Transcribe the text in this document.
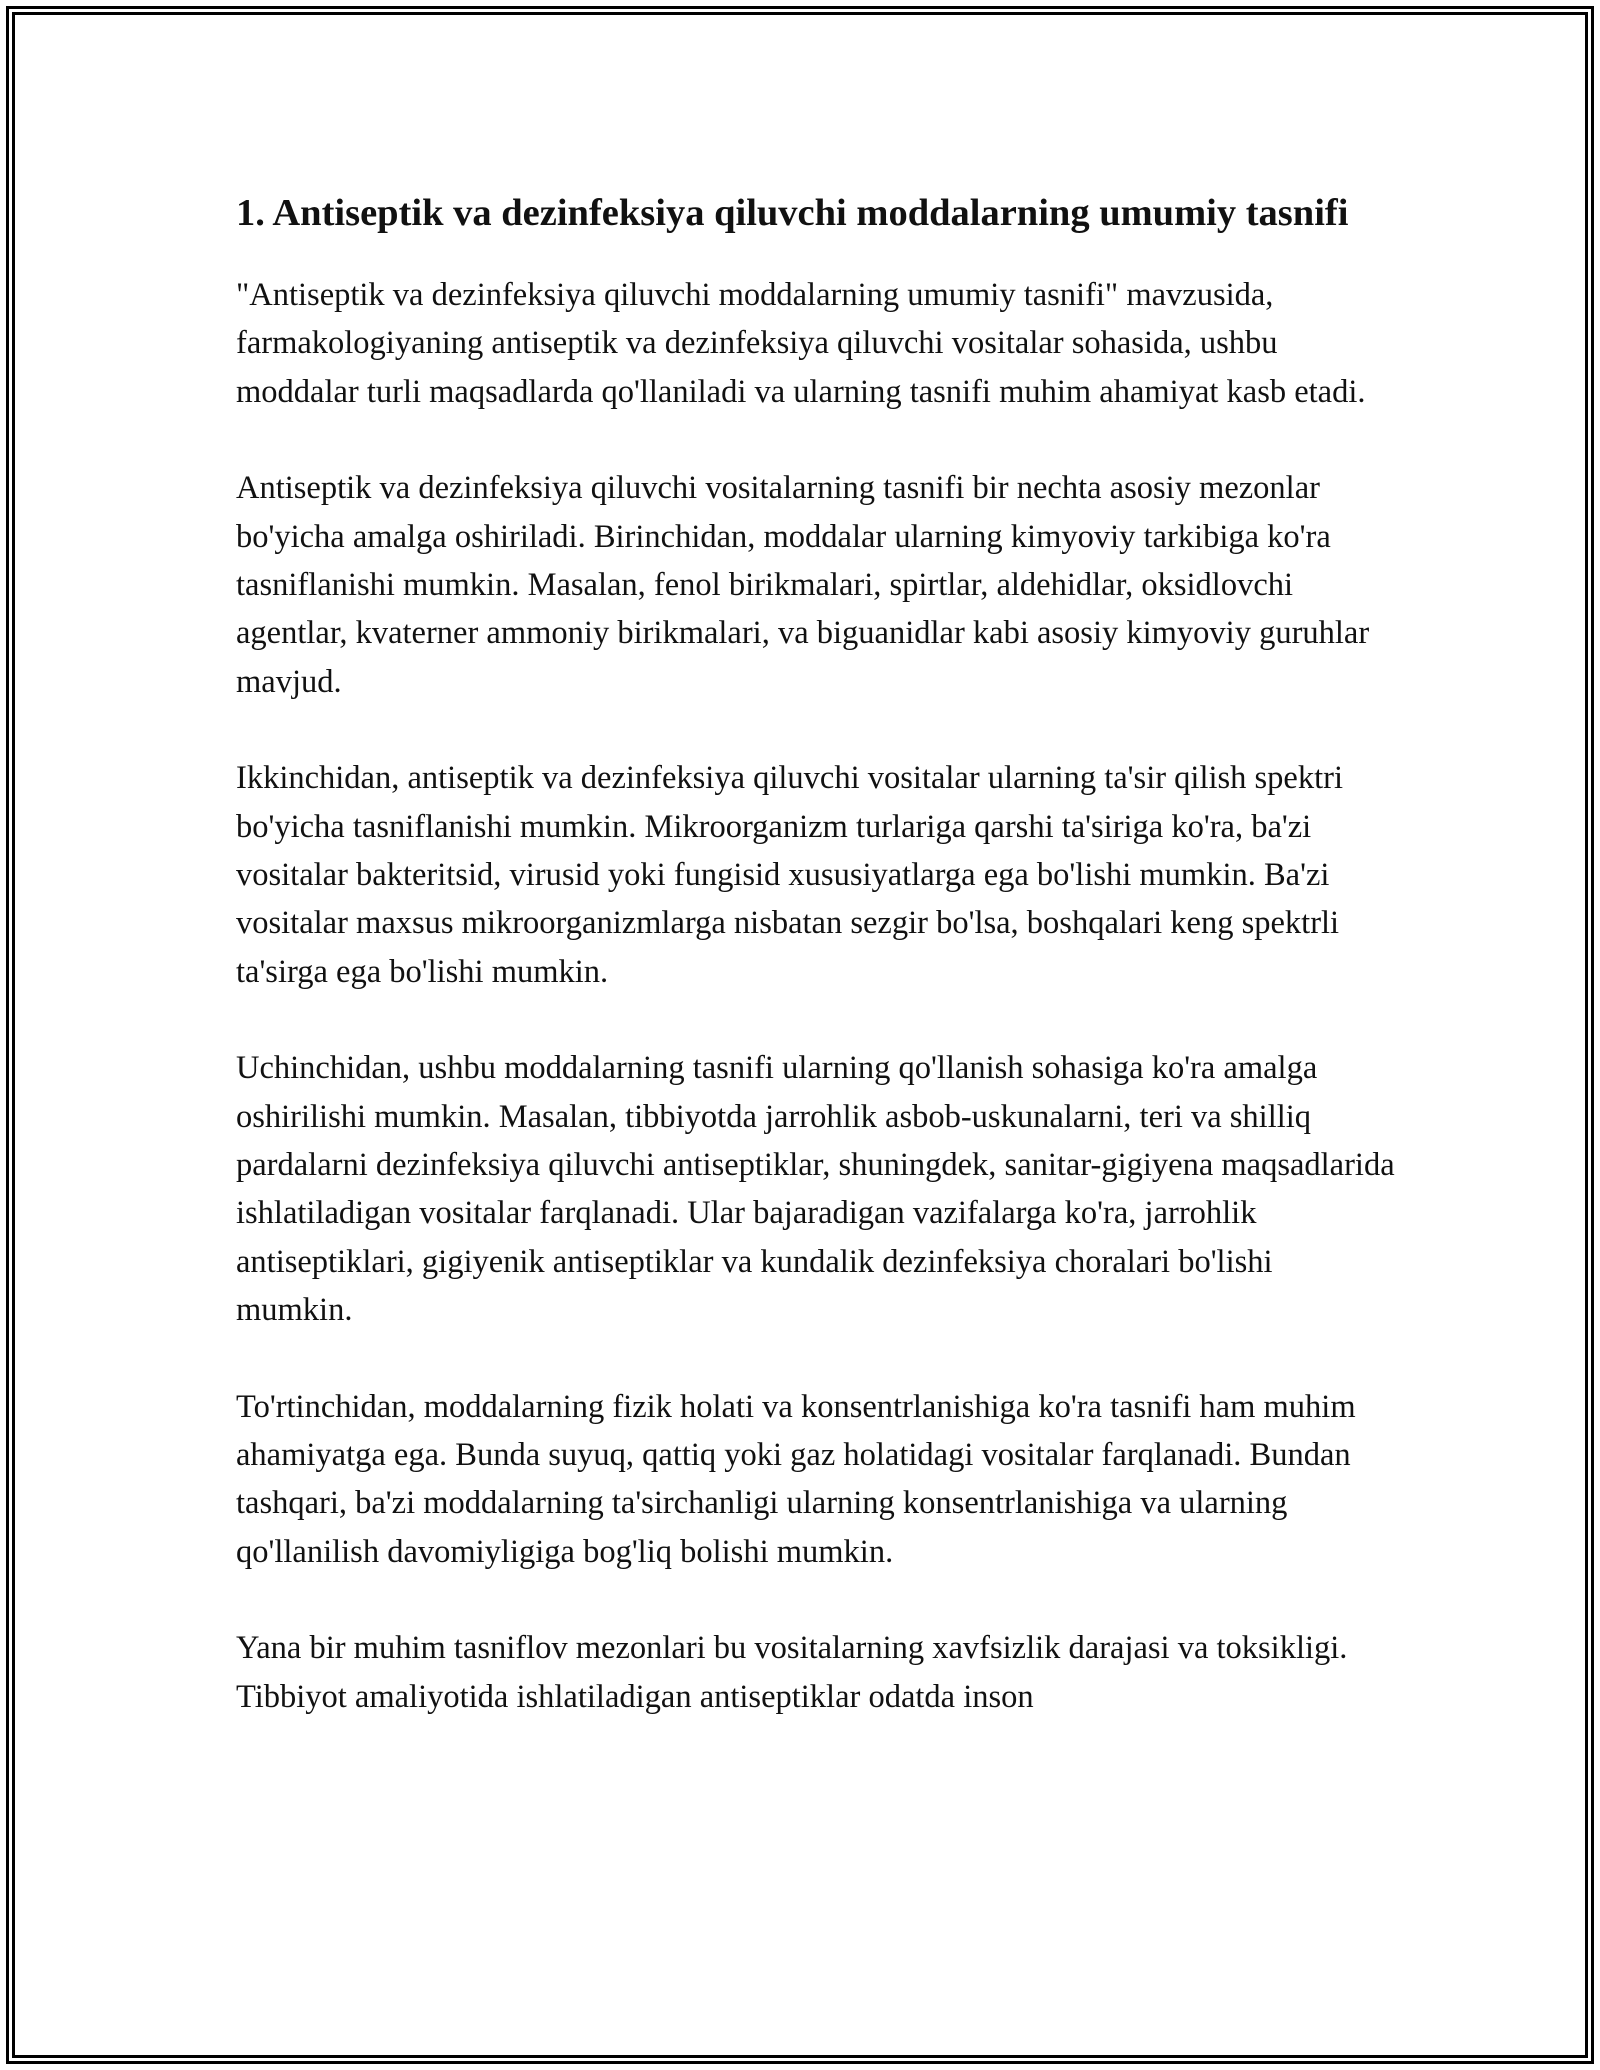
1. Antiseptik va dezinfeksiya qiluvchi moddalarning umumiy tasnifi

"Antiseptik va dezinfeksiya qiluvchi moddalarning umumiy tasnifi" mavzusida, farmakologiyaning antiseptik va dezinfeksiya qiluvchi vositalar sohasida, ushbu moddalar turli maqsadlarda qo'llaniladi va ularning tasnifi muhim ahamiyat kasb etadi.

Antiseptik va dezinfeksiya qiluvchi vositalarning tasnifi bir nechta asosiy mezonlar bo'yicha amalga oshiriladi. Birinchidan, moddalar ularning kimyoviy tarkibiga ko'ra tasniflanishi mumkin. Masalan, fenol birikmalari, spirtlar, aldehidlar, oksidlovchi agentlar, kvaterner ammoniy birikmalari, va biguanidlar kabi asosiy kimyoviy guruhlar mavjud.

Ikkinchidan, antiseptik va dezinfeksiya qiluvchi vositalar ularning ta'sir qilish spektri bo'yicha tasniflanishi mumkin. Mikroorganizm turlariga qarshi ta'siriga ko'ra, ba'zi vositalar bakteritsid, virusid yoki fungisid xususiyatlarga ega bo'lishi mumkin. Ba'zi vositalar maxsus mikroorganizmlarga nisbatan sezgir bo'lsa, boshqalari keng spektrli ta'sirga ega bo'lishi mumkin.

Uchinchidan, ushbu moddalarning tasnifi ularning qo'llanish sohasiga ko'ra amalga oshirilishi mumkin. Masalan, tibbiyotda jarrohlik asbob-uskunalarni, teri va shilliq pardalarni dezinfeksiya qiluvchi antiseptiklar, shuningdek, sanitar-gigiyena maqsadlarida ishlatiladigan vositalar farqlanadi. Ular bajaradigan vazifalarga ko'ra, jarrohlik antiseptiklari, gigiyenik antiseptiklar va kundalik dezinfeksiya choralari bo'lishi mumkin.

To'rtinchidan, moddalarning fizik holati va konsentrlanishiga ko'ra tasnifi ham muhim ahamiyatga ega. Bunda suyuq, qattiq yoki gaz holatidagi vositalar farqlanadi. Bundan tashqari, ba'zi moddalarning ta'sirchanligi ularning konsentrlanishiga va ularning qo'llanilish davomiyligiga bog'liq bolishi mumkin.

Yana bir muhim tasniflov mezonlari bu vositalarning xavfsizlik darajasi va toksikligi. Tibbiyot amaliyotida ishlatiladigan antiseptiklar odatda inson
